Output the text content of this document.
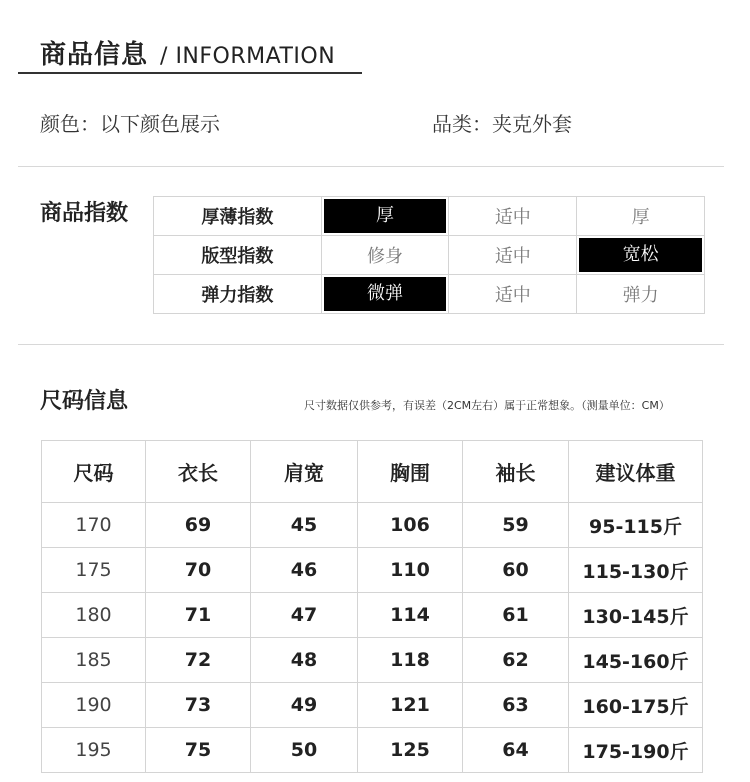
商品信息 / INFORMATION
颜色：以下颜色展示	品类：夹克外套
商品指数	厚薄指数	厚	适中	厚
版型指数	修身	适中	宽松

弹力指数	微弹	适中	弹力
尺码信息	尺寸数据仅供参考，有误差（2CM左右）属于正常想象。（测量单位：CM）
尺码	衣长	肩宽	胸围	袖长	建议体重
170	69	45	106	59	95-115斤
175	70	46	110	60	115-130斤
180	71	47	114	61	130-145斤
185	72	48	118	62	145-160斤
190	73	49	121	63	160-175斤
195	75	50	125	64	175-190斤
